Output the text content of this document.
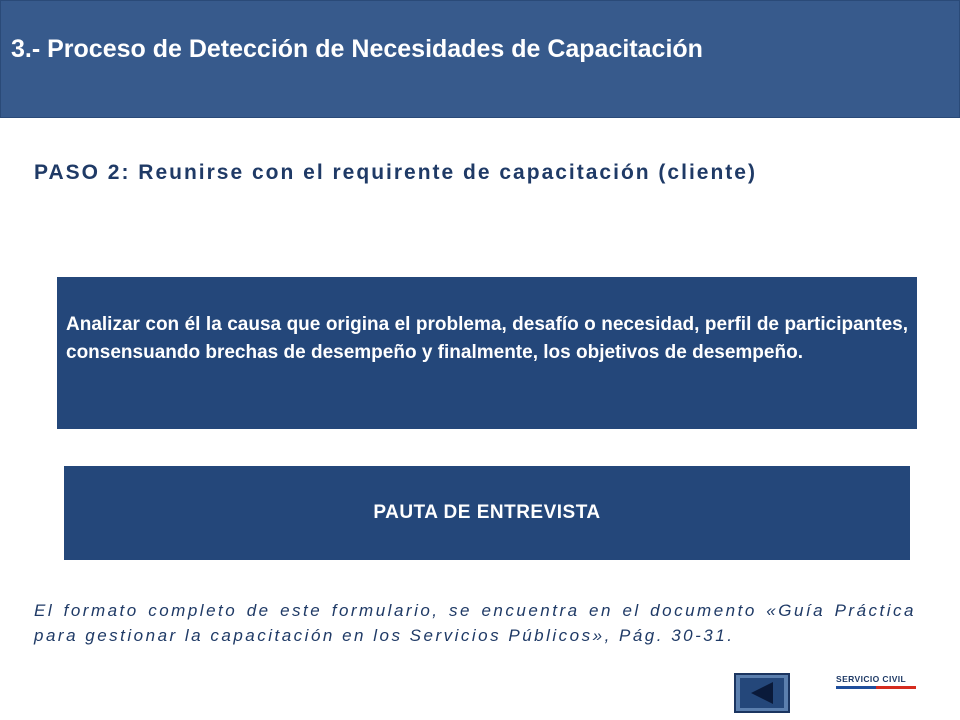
3.- Proceso de Detección de Necesidades de Capacitación
PASO 2: Reunirse con el requirente de capacitación (cliente)
Analizar con él la causa que origina el problema, desafío o necesidad, perfil de participantes, consensuando brechas de desempeño y finalmente, los objetivos de desempeño.
PAUTA DE ENTREVISTA
El formato completo de este formulario, se encuentra en el documento «Guía Práctica para gestionar la capacitación en los Servicios Públicos», Pág. 30-31.
SERVICIO CIVIL
